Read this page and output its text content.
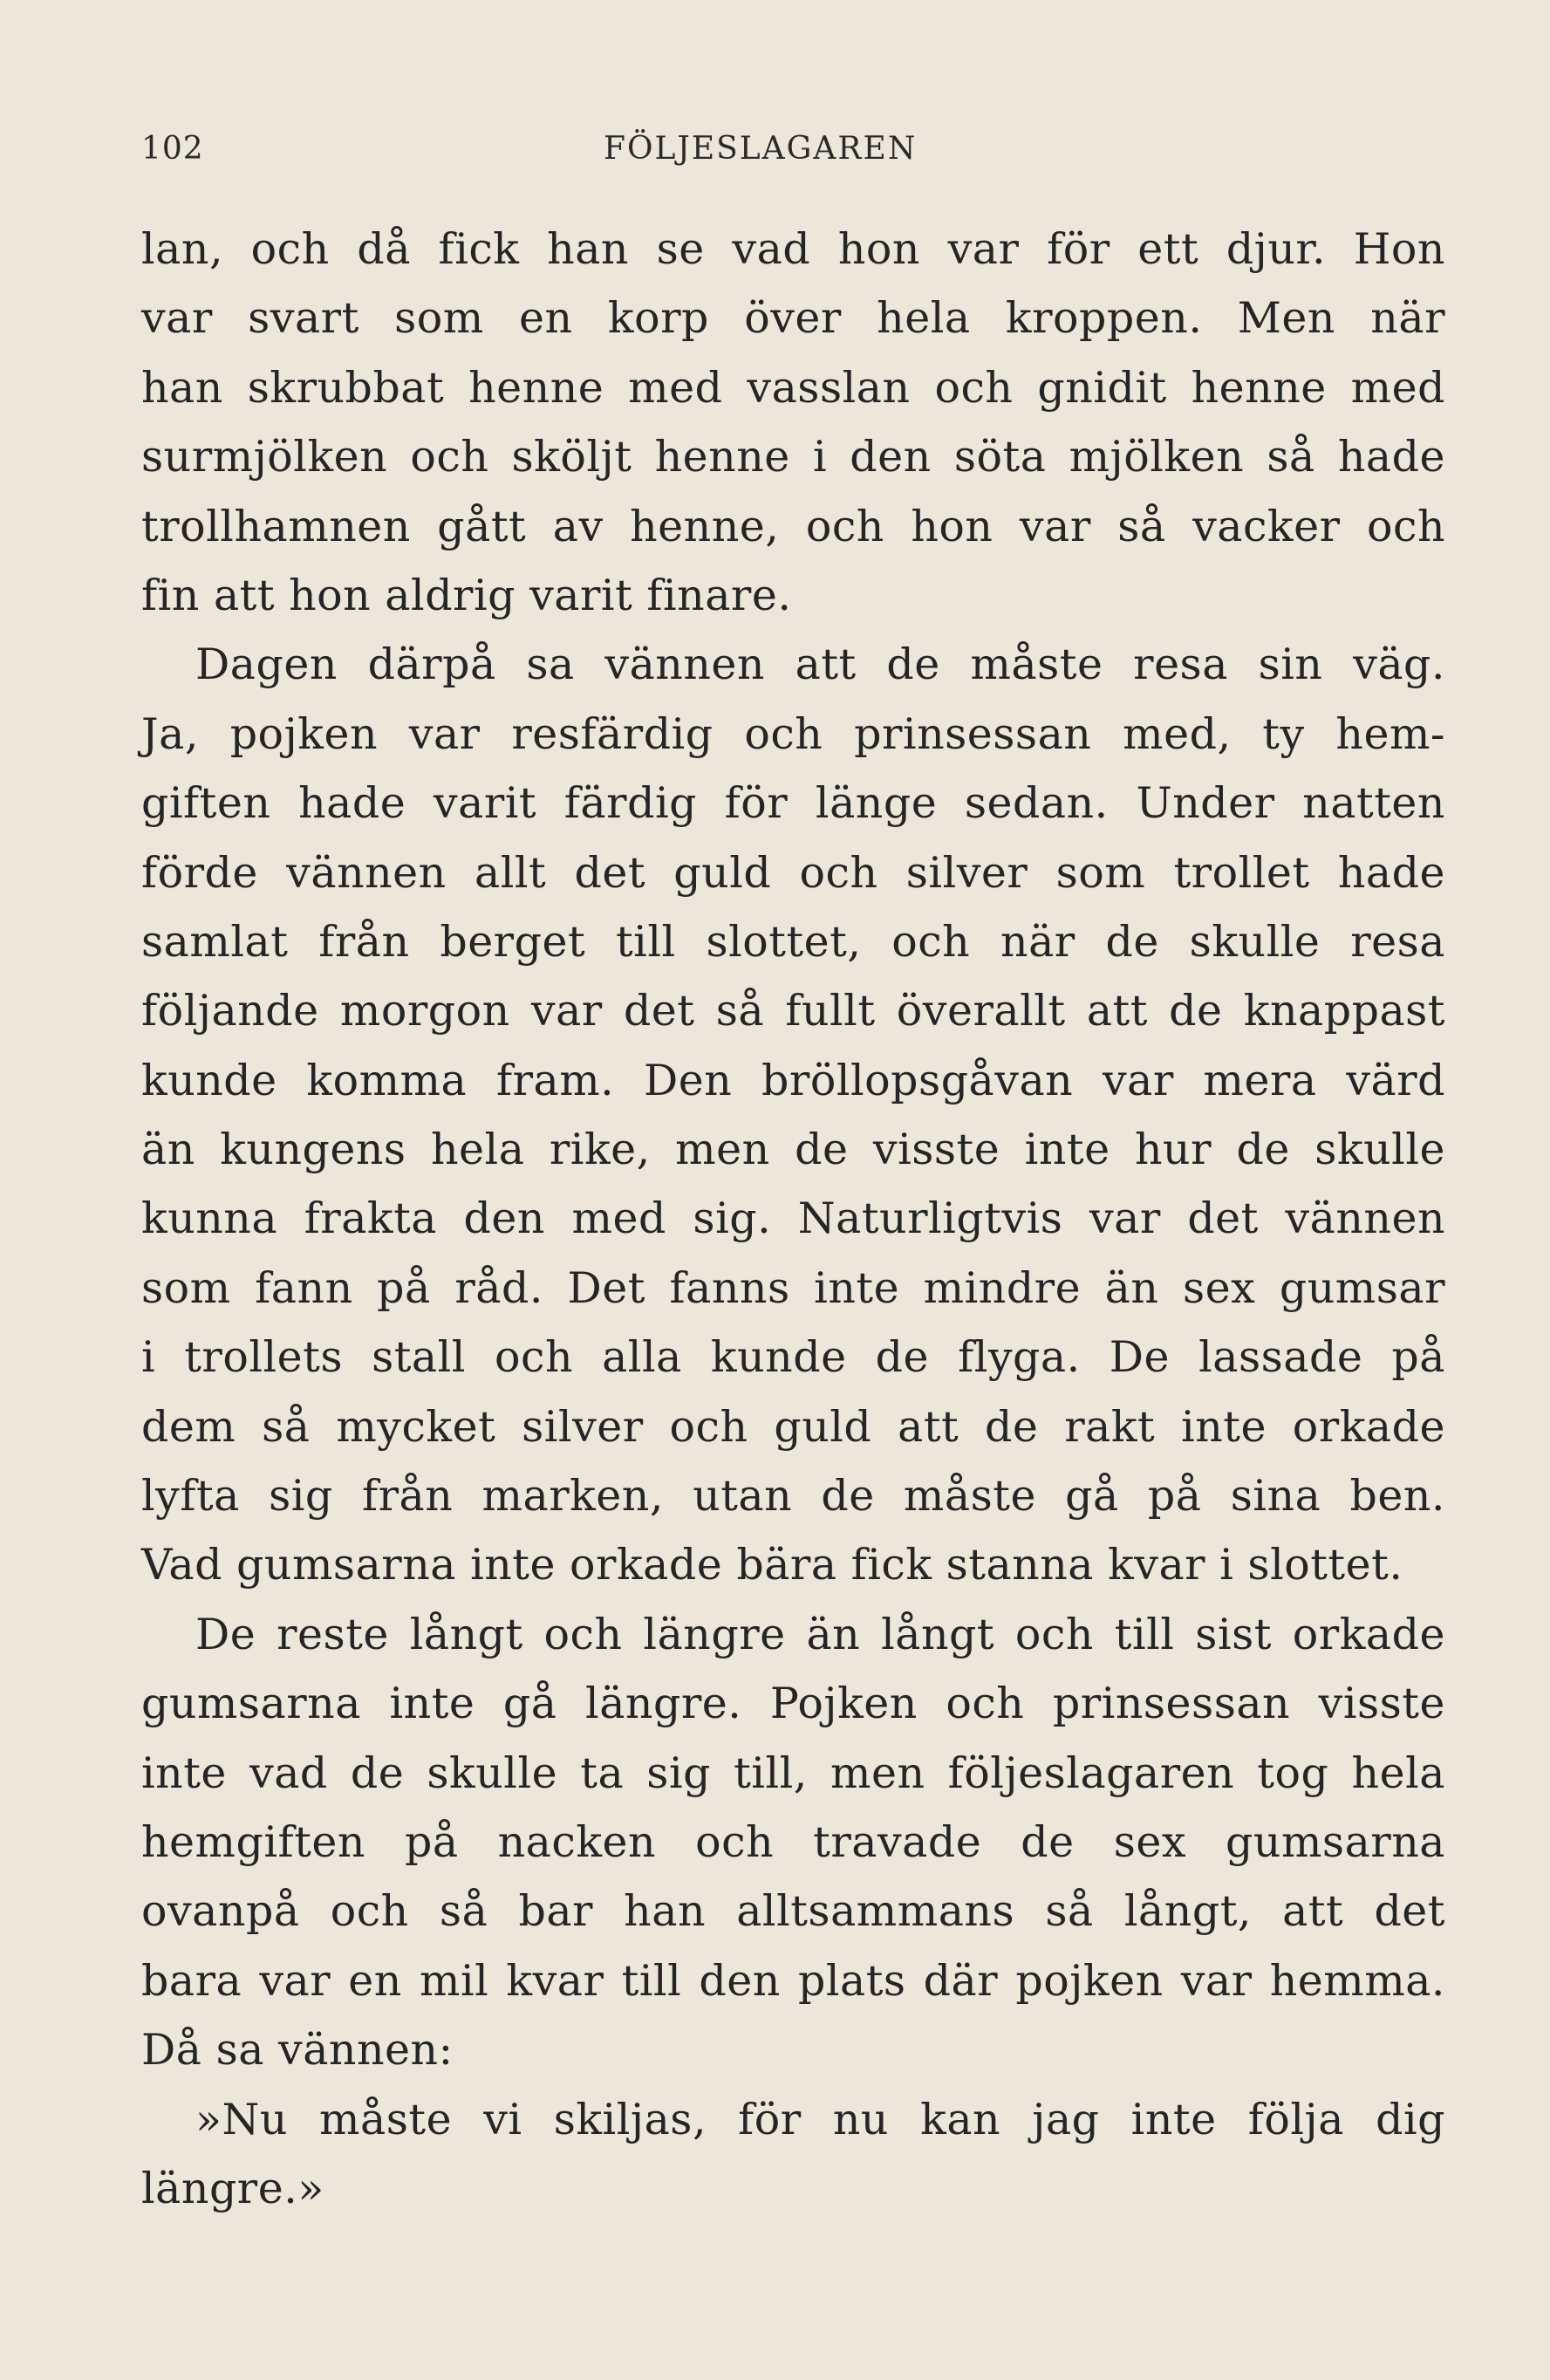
102	FÖLJESLAGAREN
lan, och då fick han se vad hon var för ett djur. Hon
var svart som en korp över hela kroppen. Men när
han skrubbat henne med vasslan och gnidit henne med
surmjölken och sköljt henne i den söta mjölken så hade
trollhamnen gått av henne, och hon var så vacker och
fin att hon aldrig varit finare.
Dagen därpå sa vännen att de måste resa sin väg.
Ja, pojken var resfärdig och prinsessan med, ty hem-
giften hade varit färdig för länge sedan. Under natten
förde vännen allt det guld och silver som trollet hade
samlat från berget till slottet, och när de skulle resa
följande morgon var det så fullt överallt att de knappast
kunde komma fram. Den bröllopsgåvan var mera värd
än kungens hela rike, men de visste inte hur de skulle
kunna frakta den med sig. Naturligtvis var det vännen
som fann på råd. Det fanns inte mindre än sex gumsar
i trollets stall och alla kunde de flyga. De lassade på
dem så mycket silver och guld att de rakt inte orkade
lyfta sig från marken, utan de måste gå på sina ben.
Vad gumsarna inte orkade bära fick stanna kvar i slottet.
De reste långt och längre än långt och till sist orkade
gumsarna inte gå längre. Pojken och prinsessan visste
inte vad de skulle ta sig till, men följeslagaren tog hela
hemgiften på nacken och travade de sex gumsarna
ovanpå och så bar han alltsammans så långt, att det
bara var en mil kvar till den plats där pojken var hemma.
Då sa vännen:
»Nu måste vi skiljas, för nu kan jag inte följa dig
längre.»
